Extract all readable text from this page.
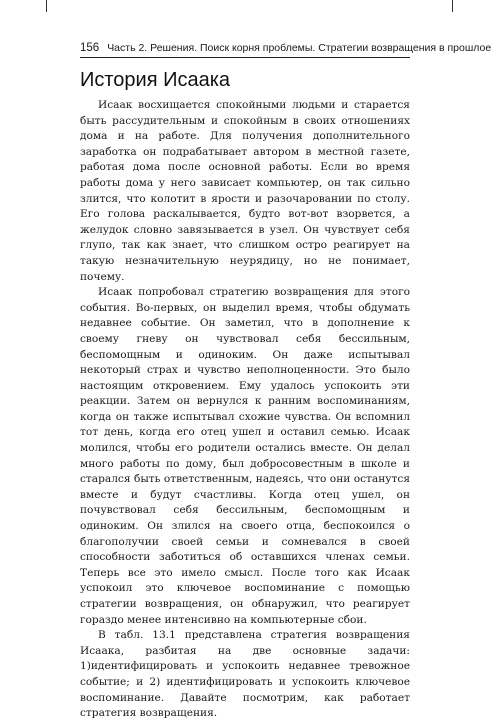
156 Часть 2. Решения. Поиск корня проблемы. Стратегии возвращения в прошлое
История Исаака

Исаак восхищается спокойными людьми и старается быть рассудительным и спокойным в своих отношениях дома и на работе. Для получения дополнительного заработка он подрабатывает автором в местной газете, работая дома после основной работы. Если во время работы дома у него зависает компьютер, он так сильно злится, что колотит в ярости и разочаровании по столу. Его голова раскалывается, будто вот-вот взорвется, а желудок словно завязывается в узел. Он чувствует себя глупо, так как знает, что слишком остро реагирует на такую незначительную неурядицу, но не понимает, почему.

Исаак попробовал стратегию возвращения для этого события. Во-первых, он выделил время, чтобы обдумать недавнее событие. Он заметил, что в дополнение к своему гневу он чувствовал себя бессильным, беспомощным и одиноким. Он даже испытывал некоторый страх и чувство неполноценности. Это было настоящим откровением. Ему удалось успокоить эти реакции. Затем он вернулся к ранним воспоминаниям, когда он также испытывал схожие чувства. Он вспомнил тот день, когда его отец ушел и оставил семью. Исаак молился, чтобы его родители остались вместе. Он делал много работы по дому, был добросовестным в школе и старался быть ответственным, надеясь, что они останутся вместе и будут счастливы. Когда отец ушел, он почувствовал себя бессильным, беспомощным и одиноким. Он злился на своего отца, беспокоился о благополучии своей семьи и сомневался в своей способности заботиться об оставшихся членах семьи. Теперь все это имело смысл. После того как Исаак успокоил это ключевое воспоминание с помощью стратегии возвращения, он обнаружил, что реагирует гораздо менее интенсивно на компьютерные сбои.

В табл. 13.1 представлена стратегия возвращения Исаака, разбитая на две основные задачи: 1)идентифицировать и успокоить недавнее тревожное событие; и 2) идентифицировать и успокоить ключевое воспоминание. Давайте посмотрим, как работает стратегия возвращения.
